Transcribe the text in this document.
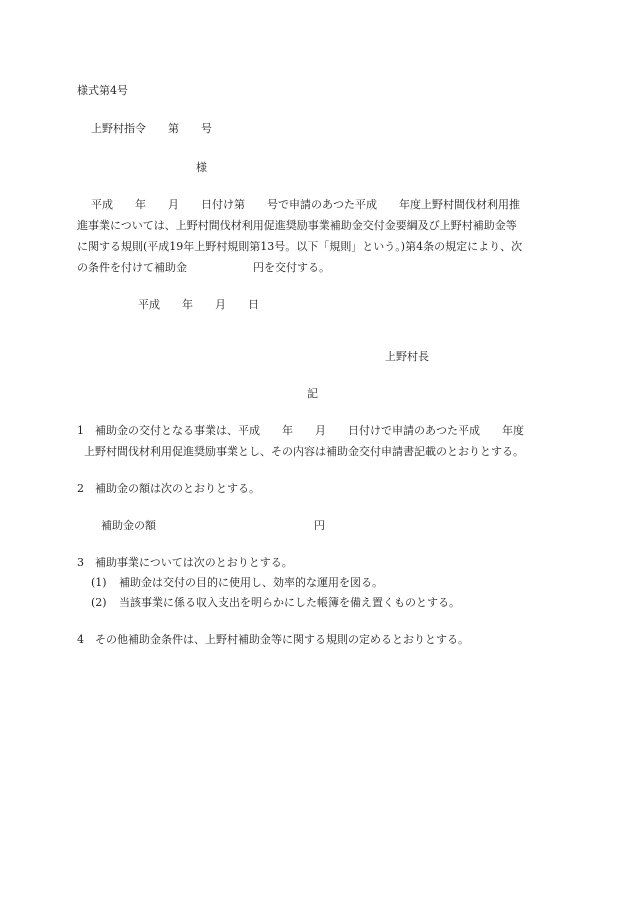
様式第4号
上野村指令　　第　　号
様
平成　　年　　月　　日付け第　　号で申請のあつた平成　　年度上野村間伐材利用推
進事業については、上野村間伐材利用促進奨励事業補助金交付金要綱及び上野村補助金等
に関する規則(平成19年上野村規則第13号。以下「規則」という。)第4条の規定により、次
の条件を付けて補助金　　　　　　円を交付する。
平成　　年　　月　　日
上野村長
記
1 補助金の交付となる事業は、平成　　年　　月　　日付けで申請のあつた平成　　年度
上野村間伐材利用促進奨励事業とし、その内容は補助金交付申請書記載のとおりとする。
2 補助金の額は次のとおりとする。
補助金の額	円
3 補助事業については次のとおりとする。
(1) 補助金は交付の目的に使用し、効率的な運用を図る。
(2) 当該事業に係る収入支出を明らかにした帳簿を備え置くものとする。
4 その他補助金条件は、上野村補助金等に関する規則の定めるとおりとする。
